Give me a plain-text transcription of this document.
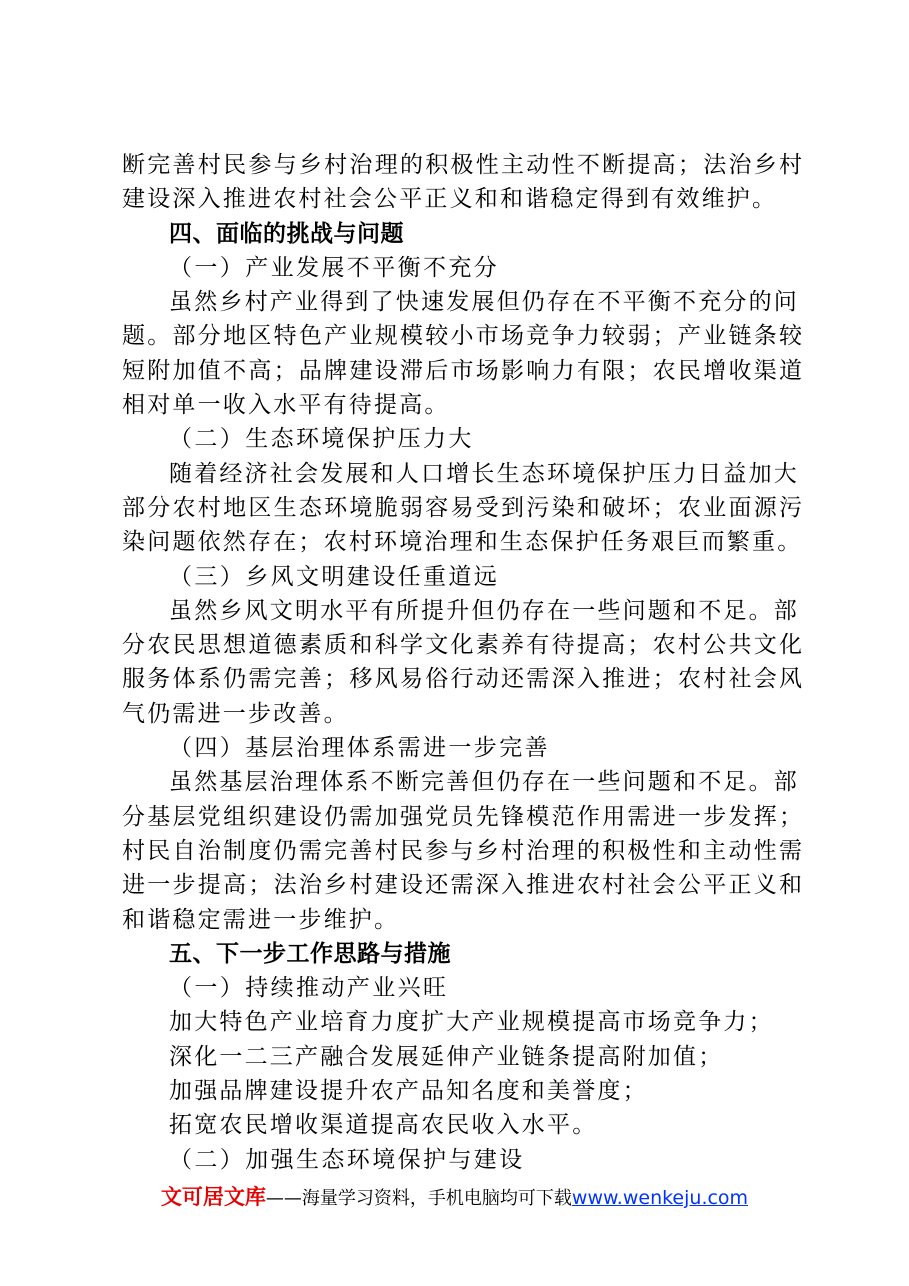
断完善村民参与乡村治理的积极性主动性不断提高；法治乡村
建设深入推进农村社会公平正义和和谐稳定得到有效维护。
四、面临的挑战与问题
（一）产业发展不平衡不充分
虽然乡村产业得到了快速发展但仍存在不平衡不充分的问
题。部分地区特色产业规模较小市场竞争力较弱；产业链条较
短附加值不高；品牌建设滞后市场影响力有限；农民增收渠道
相对单一收入水平有待提高。
（二）生态环境保护压力大
随着经济社会发展和人口增长生态环境保护压力日益加大
部分农村地区生态环境脆弱容易受到污染和破坏；农业面源污
染问题依然存在；农村环境治理和生态保护任务艰巨而繁重。
（三）乡风文明建设任重道远
虽然乡风文明水平有所提升但仍存在一些问题和不足。部
分农民思想道德素质和科学文化素养有待提高；农村公共文化
服务体系仍需完善；移风易俗行动还需深入推进；农村社会风
气仍需进一步改善。
（四）基层治理体系需进一步完善
虽然基层治理体系不断完善但仍存在一些问题和不足。部
分基层党组织建设仍需加强党员先锋模范作用需进一步发挥；
村民自治制度仍需完善村民参与乡村治理的积极性和主动性需
进一步提高；法治乡村建设还需深入推进农村社会公平正义和
和谐稳定需进一步维护。
五、下一步工作思路与措施
（一）持续推动产业兴旺
加大特色产业培育力度扩大产业规模提高市场竞争力；
深化一二三产融合发展延伸产业链条提高附加值；
加强品牌建设提升农产品知名度和美誉度；
拓宽农民增收渠道提高农民收入水平。
（二）加强生态环境保护与建设
文可居文库——海量学习资料，手机电脑均可下载www.wenkeju.com
